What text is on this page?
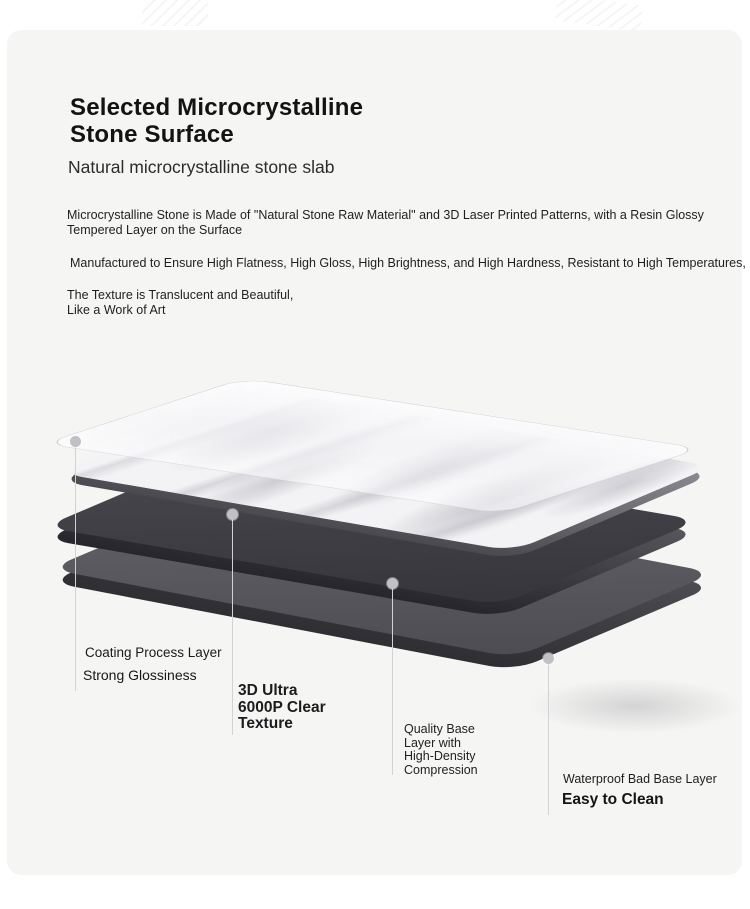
Selected Microcrystalline
Stone Surface
Natural microcrystalline stone slab
Microcrystalline Stone is Made of "Natural Stone Raw Material" and 3D Laser Printed Patterns, with a Resin Glossy Tempered Layer on the Surface
Manufactured to Ensure High Flatness, High Gloss, High Brightness, and High Hardness, Resistant to High Temperatures,
The Texture is Translucent and Beautiful,
Like a Work of Art
Coating Process Layer
Strong Glossiness
3D Ultra
6000P Clear
Texture	Quality Base
Layer with
High-Density
Compression
Waterproof Bad Base Layer
Easy to Clean
